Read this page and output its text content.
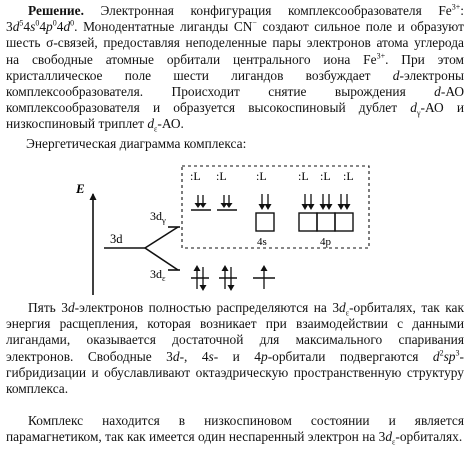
Решение. Электронная конфигурация комплексообразователя $Fe^{3+}$: $3d^54s^04p^04d^0$. Монодентатные лиганды CN− создают сильное поле и образуют шесть σ-связей, предоставляя неподеленные пары электронов атома углерода на свободные атомные орбитали центрального иона $Fe^{3+}$. При этом кристаллическое поле шести лигандов возбуждает d-электроны комплексообразователя. Происходит снятие вырождения d-АО комплексообразователя и образуется высокоспиновый дублет $d_\gamma-АО$ и низкоспиновый триплет $d_\varepsilon-АО$.

Энергетическая диаграмма комплекса:

E
3d
$3d_\gamma$
$3d_\varepsilon$
:L :L :L	:L :L :L
4s	4p

Пять 3d-электронов полностью распределяются на $3d_\varepsilon$-орбиталях, так как энергия расщепления, которая возникает при взаимодействии с данными лигандами, оказывается достаточной для максимального спаривания электронов. Свободные 3d-, 4s- и 4p-орбитали подвергаются $d^2sp^3$-гибридизации и обуславливают октаэдрическую пространственную структуру комплекса.

Комплекс находится в низкоспиновом состоянии и является парамагнетиком, так как имеется один неспаренный электрон на $3d_\varepsilon$-орбиталях.
